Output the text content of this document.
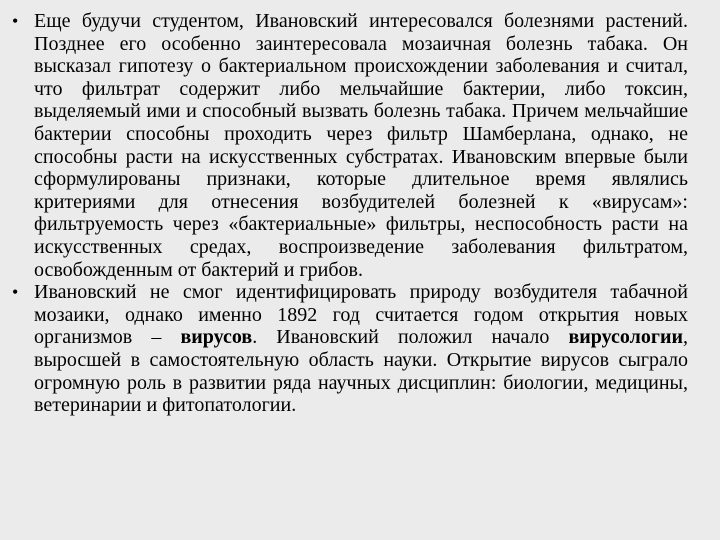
• Еще будучи студентом, Ивановский интересовался болезнями растений. Позднее его особенно заинтересовала мозаичная болезнь табака. Он высказал гипотезу о бактериальном происхождении заболевания и считал, что фильтрат содержит либо мельчайшие бактерии, либо токсин, выделяемый ими и способный вызвать болезнь табака. Причем мельчайшие бактерии способны проходить через фильтр Шамберлана, однако, не способны расти на искусственных субстратах. Ивановским впервые были сформулированы признаки, которые длительное время являлись критериями для отнесения возбудителей болезней к «вирусам»: фильтруемость через «бактериальные» фильтры, неспособность расти на искусственных средах, воспроизведение заболевания фильтратом, освобожденным от бактерий и грибов.
• Ивановский не смог идентифицировать природу возбудителя табачной мозаики, однако именно 1892 год считается годом открытия новых организмов – вирусов. Ивановский положил начало вирусологии, выросшей в самостоятельную область науки. Открытие вирусов сыграло огромную роль в развитии ряда научных дисциплин: биологии, медицины, ветеринарии и фитопатологии.
